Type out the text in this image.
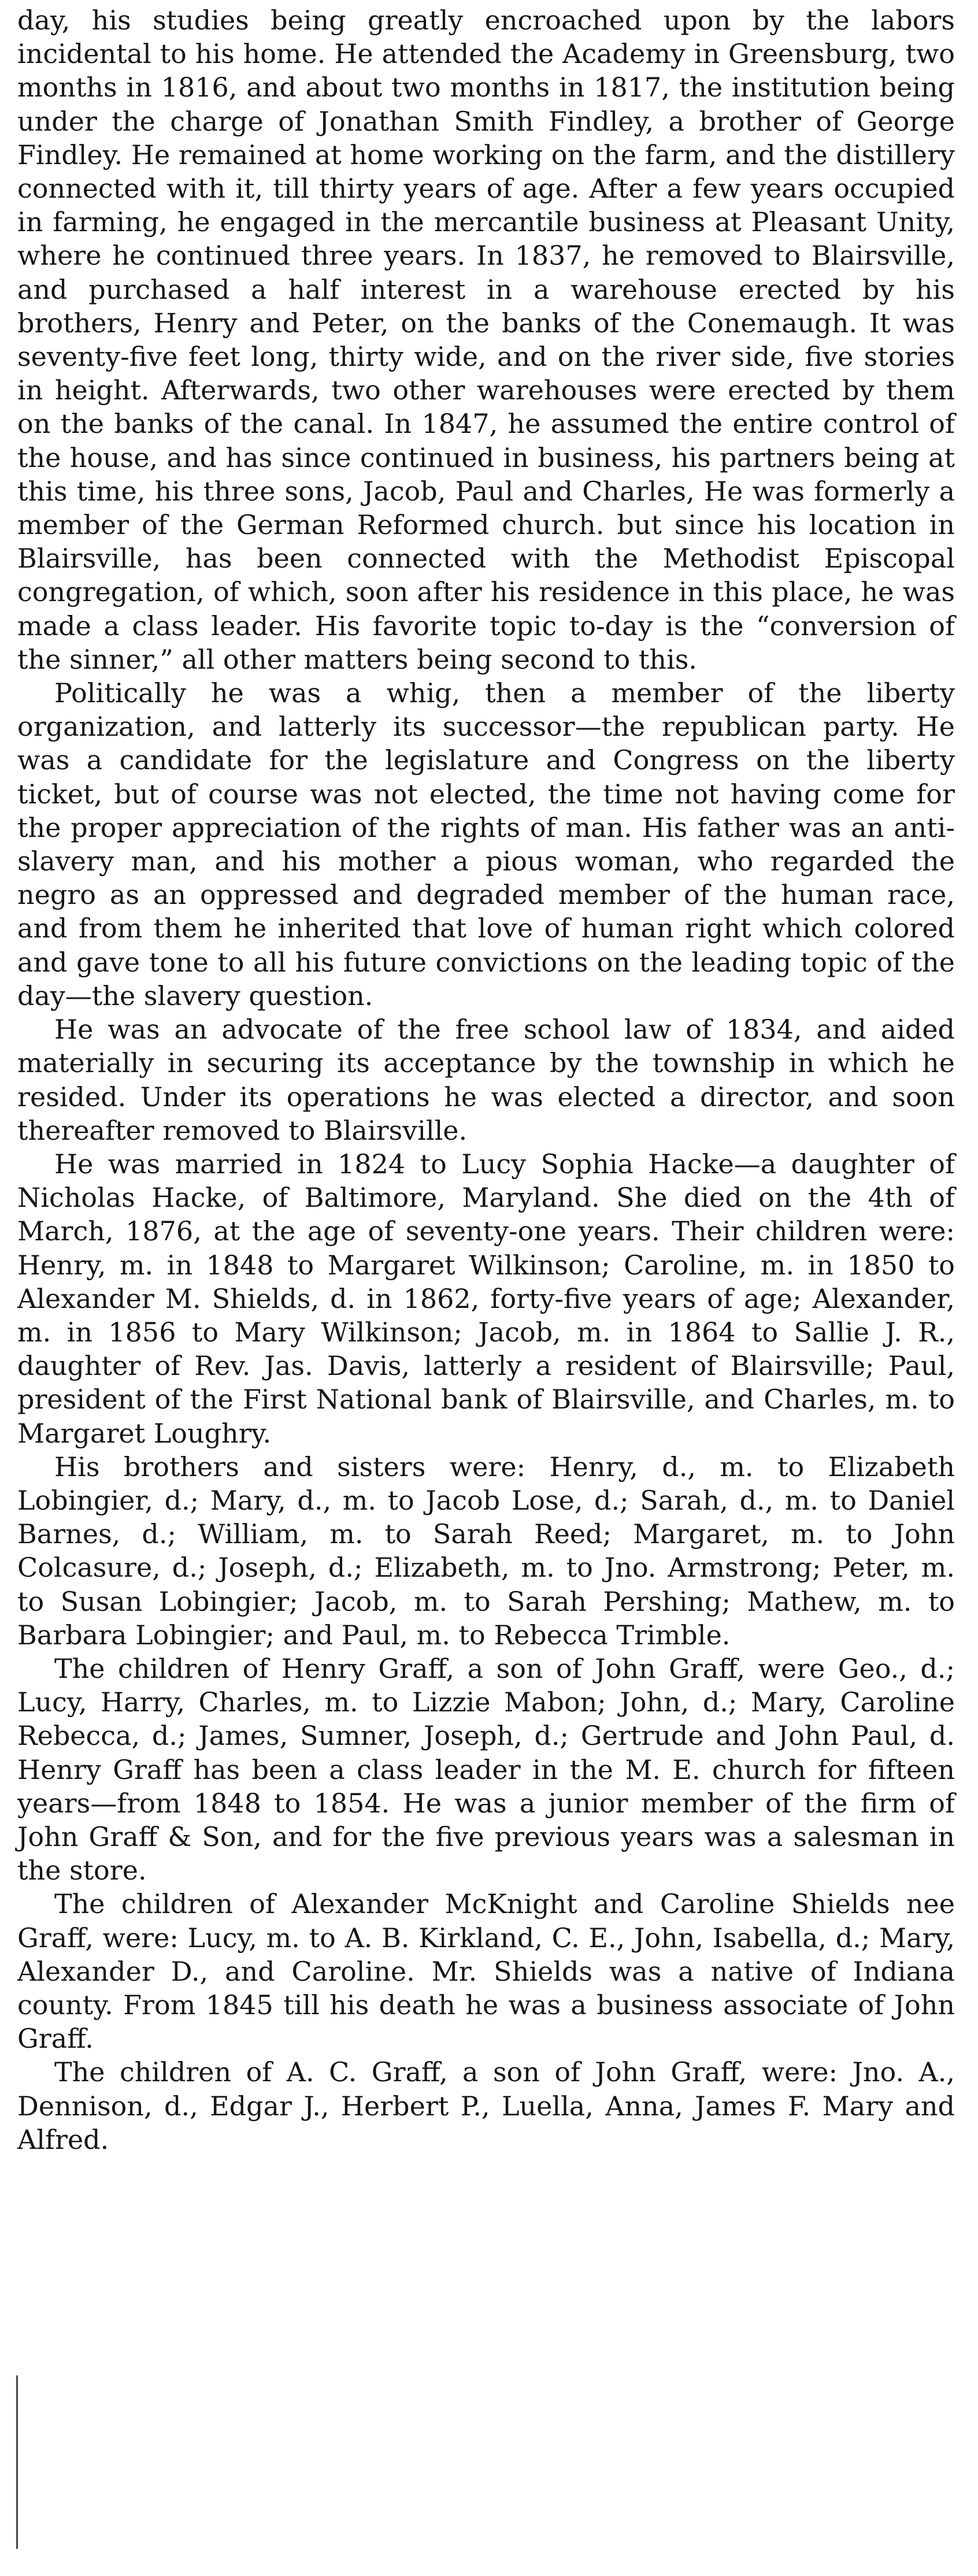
day, his studies being greatly encroached upon by the labors incidental to his home. He attended the Academy in Greensburg, two months in 1816, and about two months in 1817, the institution being under the charge of Jonathan Smith Findley, a brother of George Findley. He remained at home working on the farm, and the distillery connected with it, till thirty years of age. After a few years occupied in farming, he engaged in the mercantile business at Pleasant Unity, where he continued three years. In 1837, he removed to Blairsville, and purchased a half interest in a warehouse erected by his brothers, Henry and Peter, on the banks of the Conemaugh. It was seventy-five feet long, thirty wide, and on the river side, five stories in height. Afterwards, two other warehouses were erected by them on the banks of the canal. In 1847, he assumed the entire control of the house, and has since continued in business, his partners being at this time, his three sons, Jacob, Paul and Charles, He was formerly a member of the German Reformed church. but since his location in Blairsville, has been connected with the Methodist Episcopal congregation, of which, soon after his residence in this place, he was made a class leader. His favorite topic to-day is the “conversion of the sinner,” all other matters being second to this.

Politically he was a whig, then a member of the liberty organization, and latterly its successor—the republican party. He was a candidate for the legislature and Congress on the liberty ticket, but of course was not elected, the time not having come for the proper appreciation of the rights of man. His father was an anti-slavery man, and his mother a pious woman, who regarded the negro as an oppressed and degraded member of the human race, and from them he inherited that love of human right which colored and gave tone to all his future convictions on the leading topic of the day—the slavery question.

He was an advocate of the free school law of 1834, and aided materially in securing its acceptance by the township in which he resided. Under its operations he was elected a director, and soon thereafter removed to Blairsville.

He was married in 1824 to Lucy Sophia Hacke—a daughter of Nicholas Hacke, of Baltimore, Maryland. She died on the 4th of March, 1876, at the age of seventy-one years. Their children were: Henry, m. in 1848 to Margaret Wilkinson; Caroline, m. in 1850 to Alexander M. Shields, d. in 1862, forty-five years of age; Alexander, m. in 1856 to Mary Wilkinson; Jacob, m. in 1864 to Sallie J. R., daughter of Rev. Jas. Davis, latterly a resident of Blairsville; Paul, president of the First National bank of Blairsville, and Charles, m. to Margaret Loughry.

His brothers and sisters were: Henry, d., m. to Elizabeth Lobingier, d.; Mary, d., m. to Jacob Lose, d.; Sarah, d., m. to Daniel Barnes, d.; William, m. to Sarah Reed; Margaret, m. to John Colcasure, d.; Joseph, d.; Elizabeth, m. to Jno. Armstrong; Peter, m. to Susan Lobingier; Jacob, m. to Sarah Pershing; Mathew, m. to Barbara Lobingier; and Paul, m. to Rebecca Trimble.

The children of Henry Graff, a son of John Graff, were Geo., d.; Lucy, Harry, Charles, m. to Lizzie Mabon; John, d.; Mary, Caroline Rebecca, d.; James, Sumner, Joseph, d.; Gertrude and John Paul, d. Henry Graff has been a class leader in the M. E. church for fifteen years—from 1848 to 1854. He was a junior member of the firm of John Graff & Son, and for the five previous years was a salesman in the store.

The children of Alexander McKnight and Caroline Shields nee Graff, were: Lucy, m. to A. B. Kirkland, C. E., John, Isabella, d.; Mary, Alexander D., and Caroline. Mr. Shields was a native of Indiana county. From 1845 till his death he was a business associate of John Graff.

The children of A. C. Graff, a son of John Graff, were: Jno. A., Dennison, d., Edgar J., Herbert P., Luella, Anna, James F. Mary and Alfred.
